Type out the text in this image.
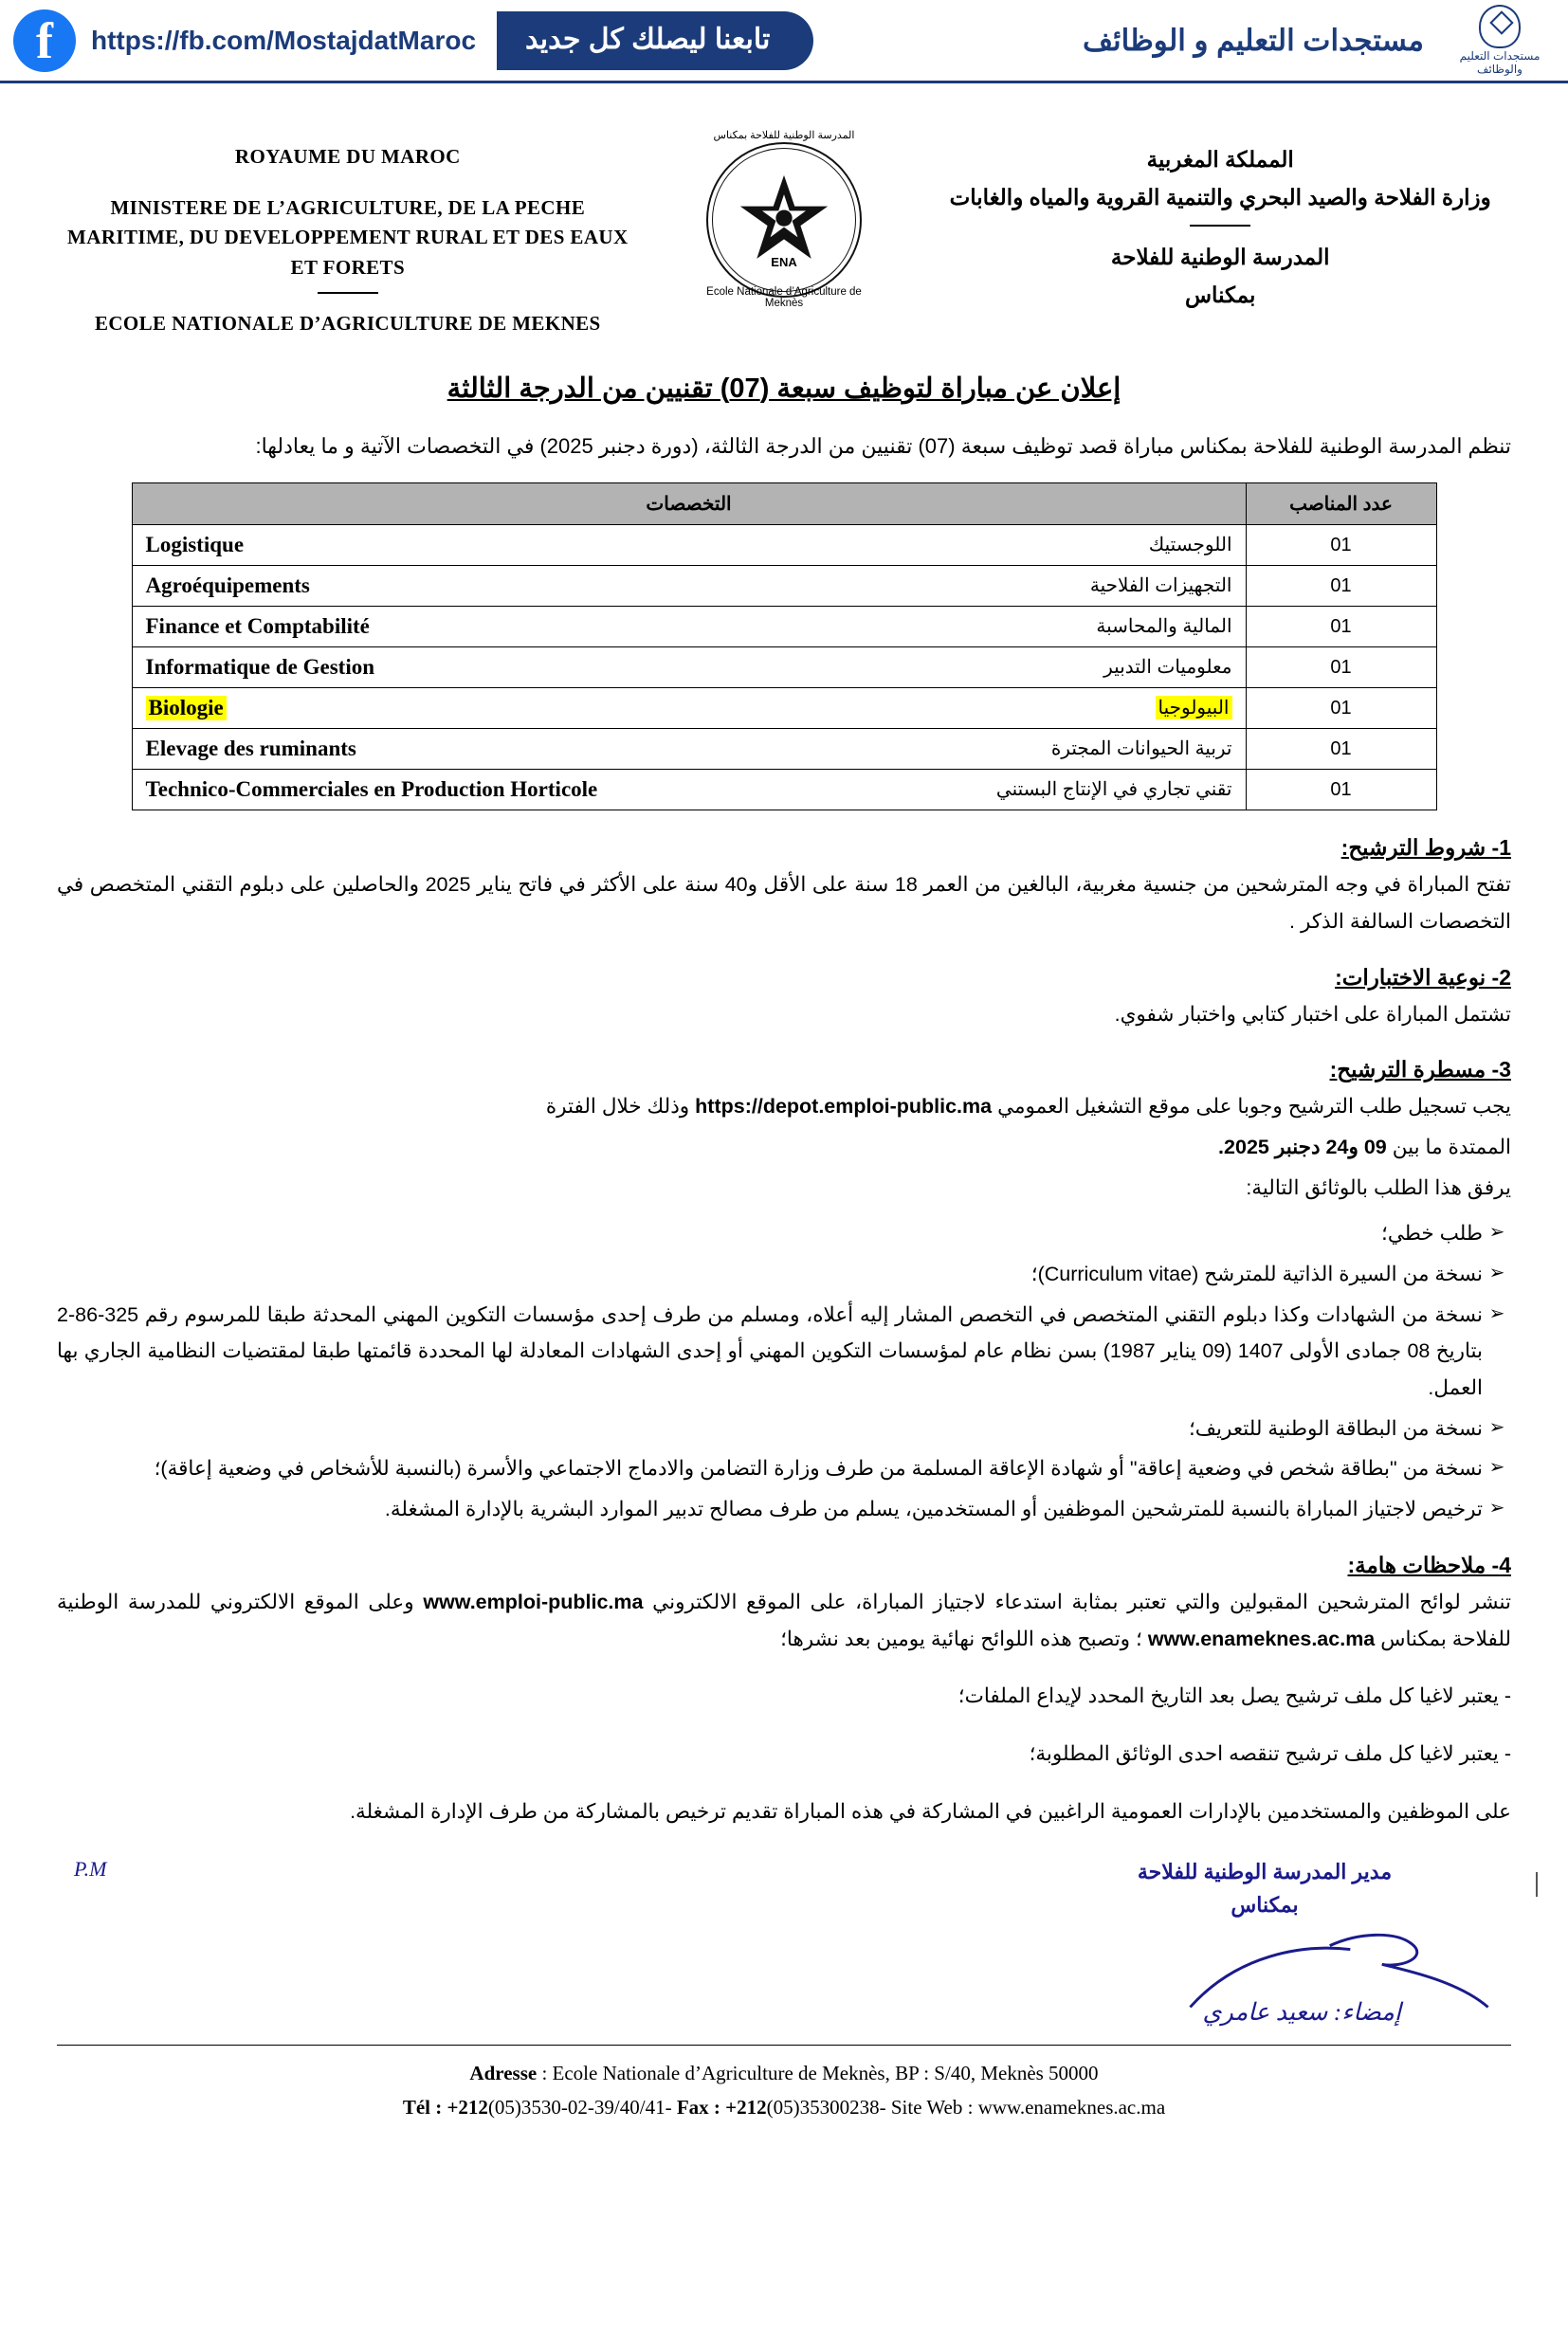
f	https://fb.com/MostajdatMaroc	تابعنا ليصلك كل جديد	مستجدات التعليم و الوظائف	مستجدات التعليم
والوظائف
ROYAUME DU MAROC
MINISTERE DE L’AGRICULTURE, DE LA PECHE MARITIME, DU DEVELOPPEMENT RURAL ET DES EAUX ET FORETS
ECOLE NATIONALE D’AGRICULTURE DE MEKNES
المدرسة الوطنية للفلاحة بمكناس
ENA
Ecole Nationale d’Agriculture de Meknès
المملكة المغربية
وزارة الفلاحة والصيد البحري والتنمية القروية والمياه والغابات
المدرسة الوطنية للفلاحة
بمكناس
إعلان عن مباراة لتوظيف سبعة (07) تقنيين من الدرجة الثالثة

تنظم المدرسة الوطنية للفلاحة بمكناس مباراة قصد توظيف سبعة (07) تقنيين من الدرجة الثالثة، (دورة دجنبر 2025) في التخصصات الآتية و ما يعادلها:

التخصصات	عدد المناصب

Logistique اللوجستيك	01

Agroéquipements التجهيزات الفلاحية	01

Finance et Comptabilité المالية والمحاسبة	01

Informatique de Gestion معلوميات التدبير	01

Biologie البيولوجيا	01

Elevage des ruminants تربية الحيوانات المجترة	01

Technico-Commerciales en Production Horticole تقني تجاري في الإنتاج البستني	01
1- شروط الترشيح:

تفتح المباراة في وجه المترشحين من جنسية مغربية، البالغين من العمر 18 سنة على الأقل و40 سنة على الأكثر في فاتح يناير 2025 والحاصلين على دبلوم التقني المتخصص في التخصصات السالفة الذكر .

2- نوعية الاختبارات:

تشتمل المباراة على اختبار كتابي واختبار شفوي.

3- مسطرة الترشيح:

يجب تسجيل طلب الترشيح وجوبا على موقع التشغيل العمومي https://depot.emploi-public.ma وذلك خلال الفترة

الممتدة ما بين 09 و24 دجنبر 2025.

يرفق هذا الطلب بالوثائق التالية:

➢
طلب خطي؛
➢
نسخة من السيرة الذاتية للمترشح (Curriculum vitae)؛
➢
نسخة من الشهادات وكذا دبلوم التقني المتخصص في التخصص المشار إليه أعلاه، ومسلم من طرف إحدى مؤسسات التكوين المهني المحدثة طبقا للمرسوم رقم 325-86-2 بتاريخ 08 جمادى الأولى 1407 (09 يناير 1987) بسن نظام عام لمؤسسات التكوين المهني أو إحدى الشهادات المعادلة لها المحددة قائمتها طبقا لمقتضيات النظامية الجاري بها العمل.
➢
نسخة من البطاقة الوطنية للتعريف؛
➢
نسخة من "بطاقة شخص في وضعية إعاقة" أو شهادة الإعاقة المسلمة من طرف وزارة التضامن والادماج الاجتماعي والأسرة (بالنسبة للأشخاص في وضعية إعاقة)؛
➢
ترخيص لاجتياز المباراة بالنسبة للمترشحين الموظفين أو المستخدمين، يسلم من طرف مصالح تدبير الموارد البشرية بالإدارة المشغلة.
4- ملاحظات هامة:

تنشر لوائح المترشحين المقبولين والتي تعتبر بمثابة استدعاء لاجتياز المباراة، على الموقع الالكتروني www.emploi-public.ma وعلى الموقع الالكتروني للمدرسة الوطنية للفلاحة بمكناس www.enameknes.ac.ma ؛ وتصبح هذه اللوائح نهائية يومين بعد نشرها؛

- يعتبر لاغيا كل ملف ترشيح يصل بعد التاريخ المحدد لإيداع الملفات؛

- يعتبر لاغيا كل ملف ترشيح تنقصه احدى الوثائق المطلوبة؛

على الموظفين والمستخدمين بالإدارات العمومية الراغبين في المشاركة في هذه المباراة تقديم ترخيص بالمشاركة من طرف الإدارة المشغلة.

P.M	مدير المدرسة الوطنية للفلاحة
بمكناس
إمضاء: سعيد عامري
Adresse : Ecole Nationale d’Agriculture de Meknès, BP : S/40, Meknès 50000
Tél : +212(05)3530-02-39/40/41- Fax : +212(05)35300238- Site Web : www.enameknes.ac.ma
